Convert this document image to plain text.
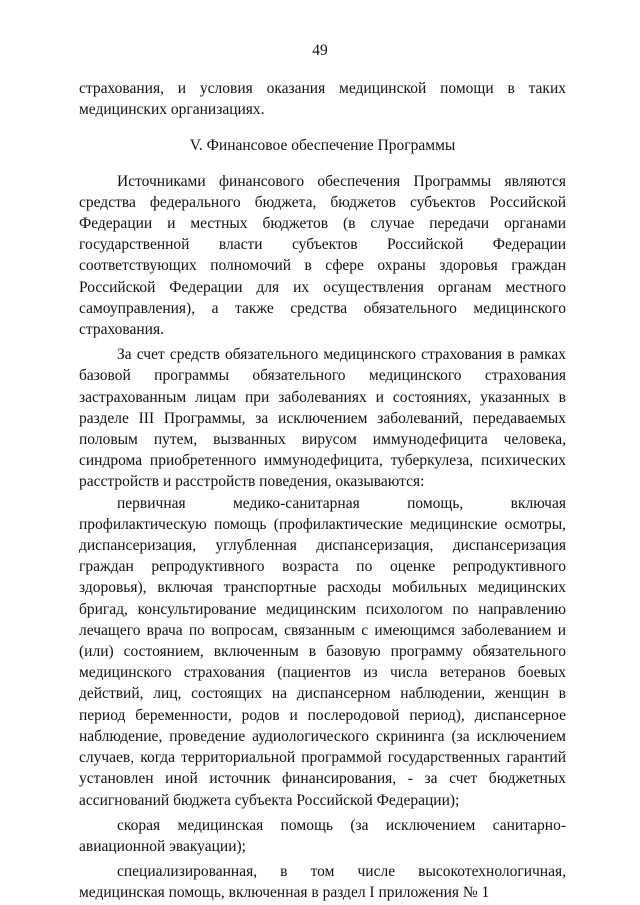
49

страхования, и условия оказания медицинской помощи в таких медицинских организациях.

V. Финансовое обеспечение Программы

Источниками финансового обеспечения Программы являются средства федерального бюджета, бюджетов субъектов Российской Федерации и местных бюджетов (в случае передачи органами государственной власти субъектов Российской Федерации соответствующих полномочий в сфере охраны здоровья граждан Российской Федерации для их осуществления органам местного самоуправления), а также средства обязательного медицинского страхования.

За счет средств обязательного медицинского страхования в рамках базовой программы обязательного медицинского страхования застрахованным лицам при заболеваниях и состояниях, указанных в разделе III Программы, за исключением заболеваний, передаваемых половым путем, вызванных вирусом иммунодефицита человека, синдрома приобретенного иммунодефицита, туберкулеза, психических расстройств и расстройств поведения, оказываются:

первичная медико-санитарная помощь, включая профилактическую помощь (профилактические медицинские осмотры, диспансеризация, углубленная диспансеризация, диспансеризация граждан репродуктивного возраста по оценке репродуктивного здоровья), включая транспортные расходы мобильных медицинских бригад, консультирование медицинским психологом по направлению лечащего врача по вопросам, связанным с имеющимся заболеванием и (или) состоянием, включенным в базовую программу обязательного медицинского страхования (пациентов из числа ветеранов боевых действий, лиц, состоящих на диспансерном наблюдении, женщин в период беременности, родов и послеродовой период), диспансерное наблюдение, проведение аудиологического скрининга (за исключением случаев, когда территориальной программой государственных гарантий установлен иной источник финансирования, - за счет бюджетных ассигнований бюджета субъекта Российской Федерации);

скорая медицинская помощь (за исключением санитарно-авиационной эвакуации);

специализированная, в том числе высокотехнологичная, медицинская помощь, включенная в раздел I приложения № 1
